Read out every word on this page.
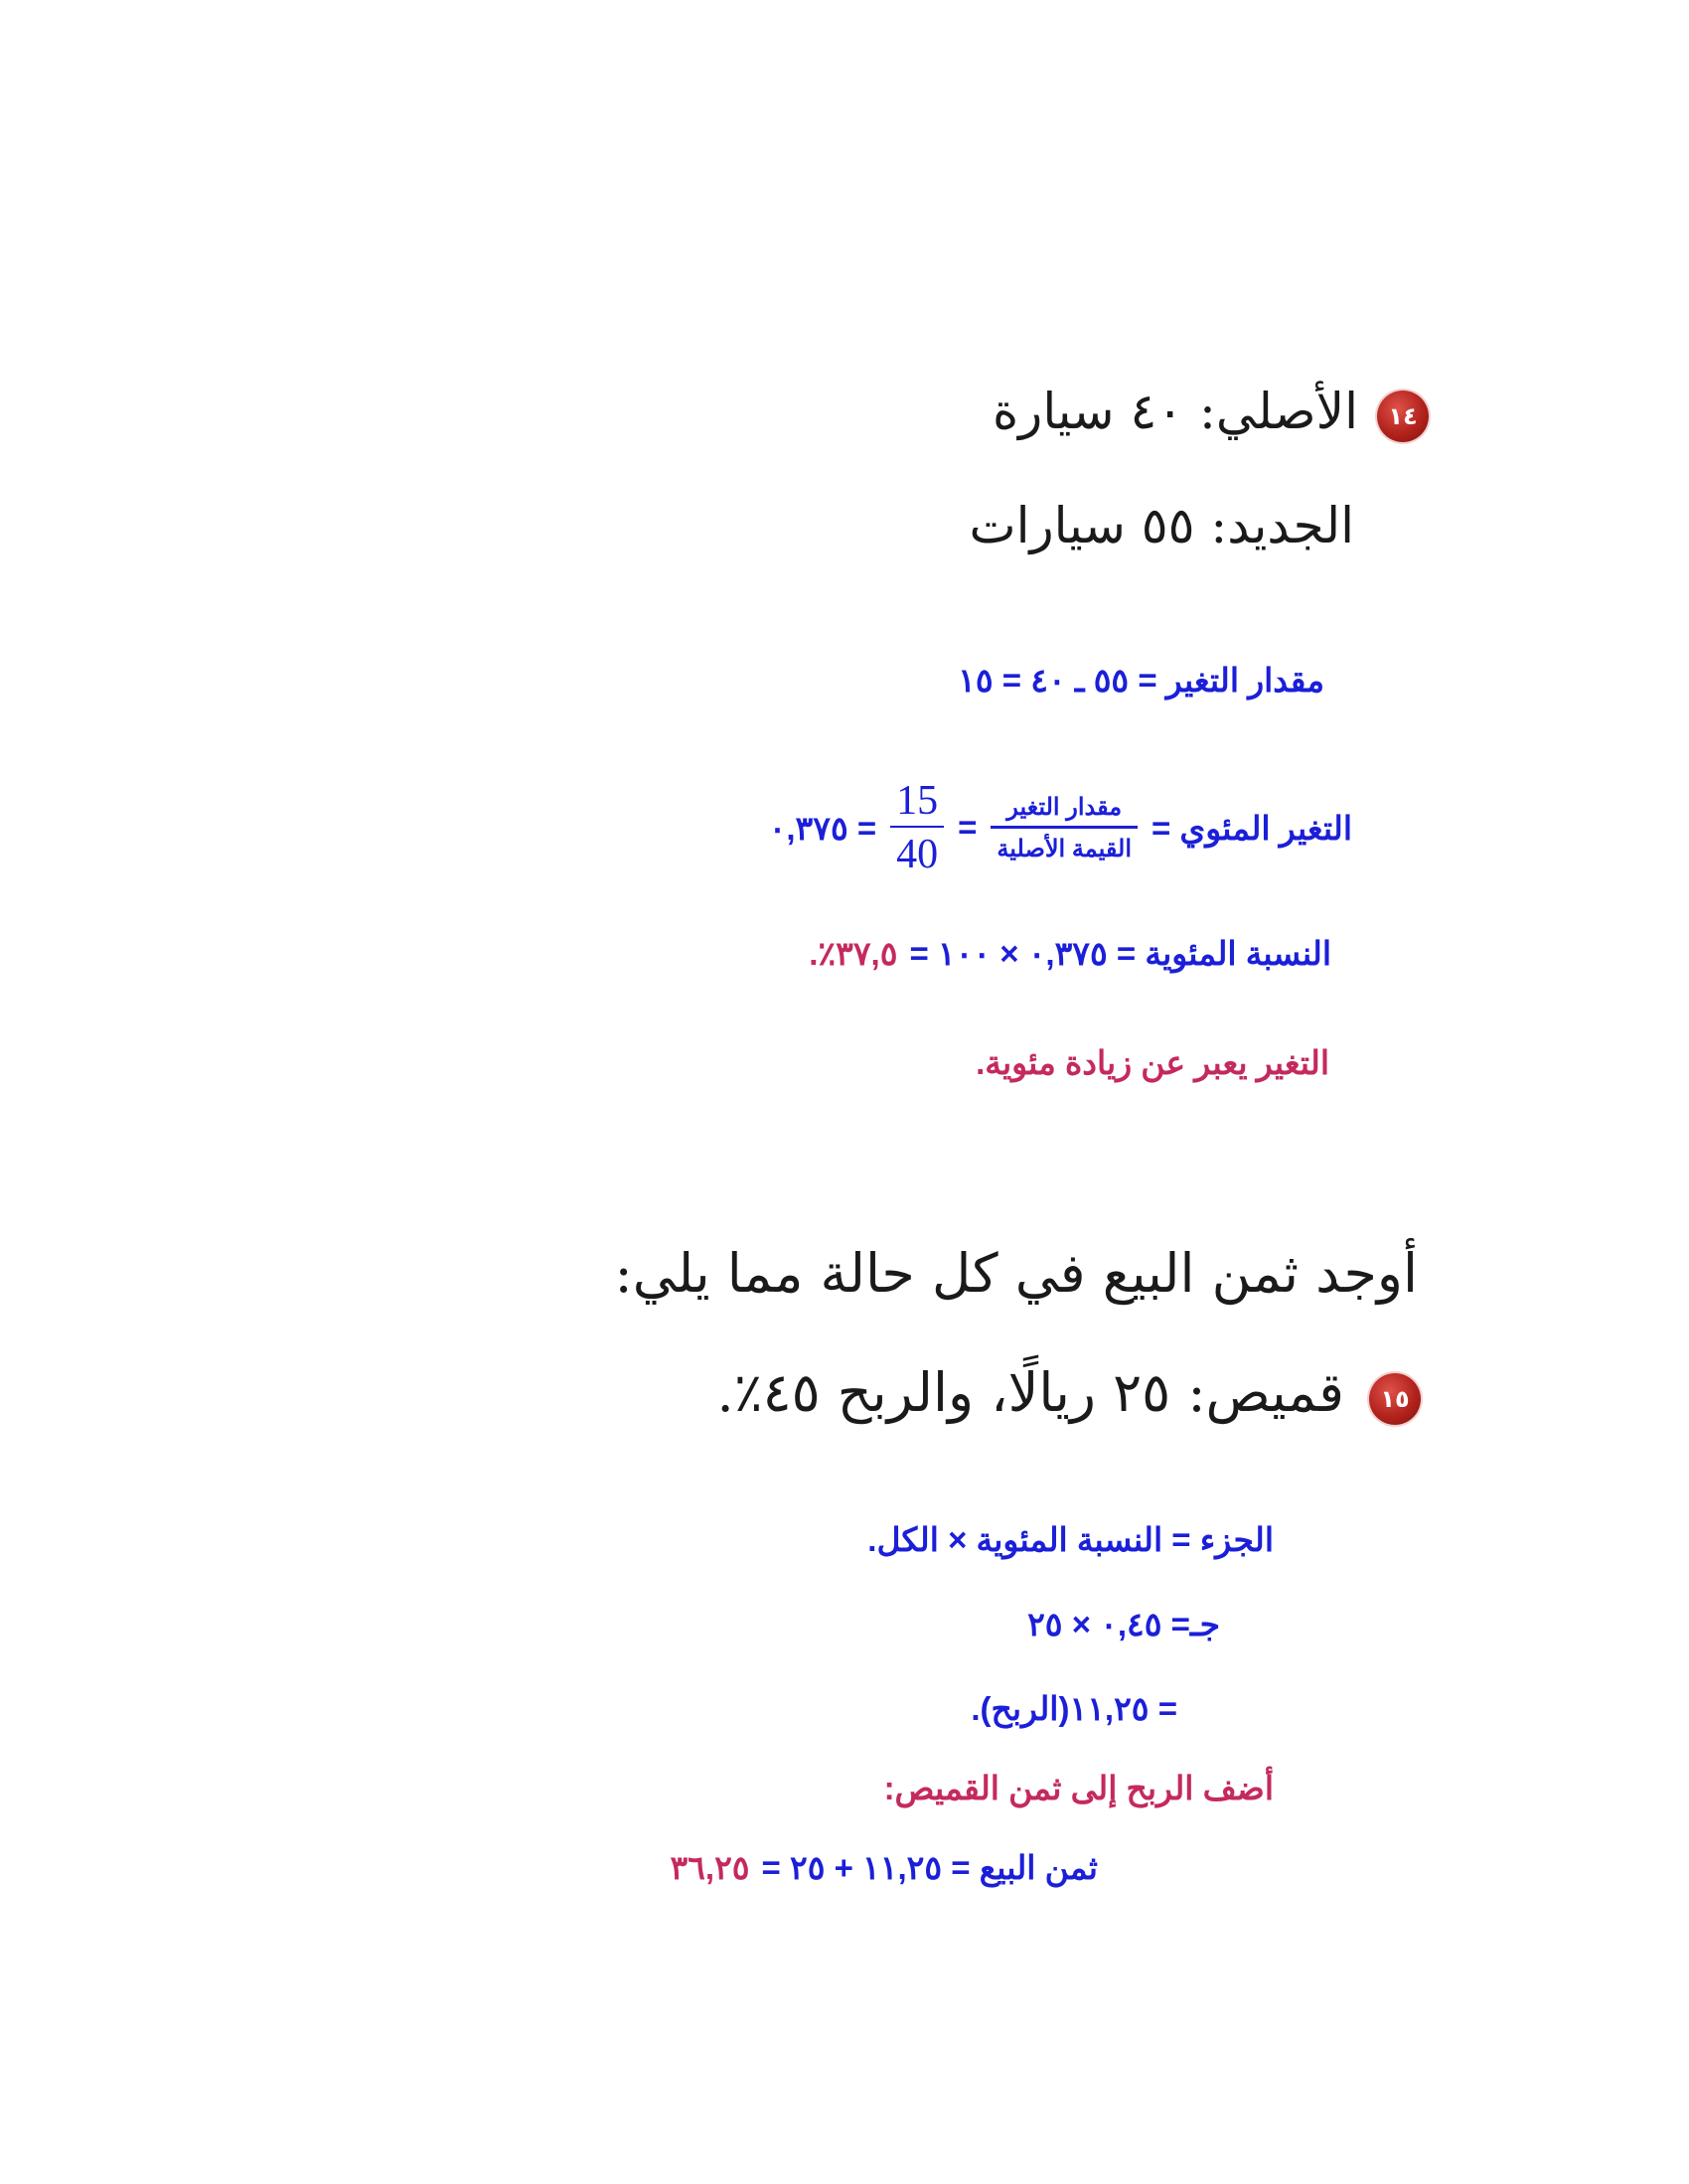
١٤
الأصلي: ٤٠ سيارة
الجديد: ٥٥ سيارات
مقدار التغير = ٥٥ ـ ٤٠ = ١٥
التغير المئوي =
$\frac{\text{مقدار التغير}}{\text{القيمة الأصلية}}$
=
$\frac{15}{40}$
= ٠,٣٧٥
النسبة المئوية = ٠,٣٧٥ × ١٠٠ =
٣٧,٥٪.
التغير يعبر عن زيادة مئوية.
أوجد ثمن البيع في كل حالة مما يلي:
١٥
قميص: ٢٥ ريالًا، والربح ٤٥٪.
الجزء = النسبة المئوية × الكل.
جـ= ٠,٤٥ × ٢٥
= ١١,٢٥(الربح).
أضف الربح إلى ثمن القميص:
ثمن البيع = ١١,٢٥ + ٢٥ =
٣٦,٢٥
